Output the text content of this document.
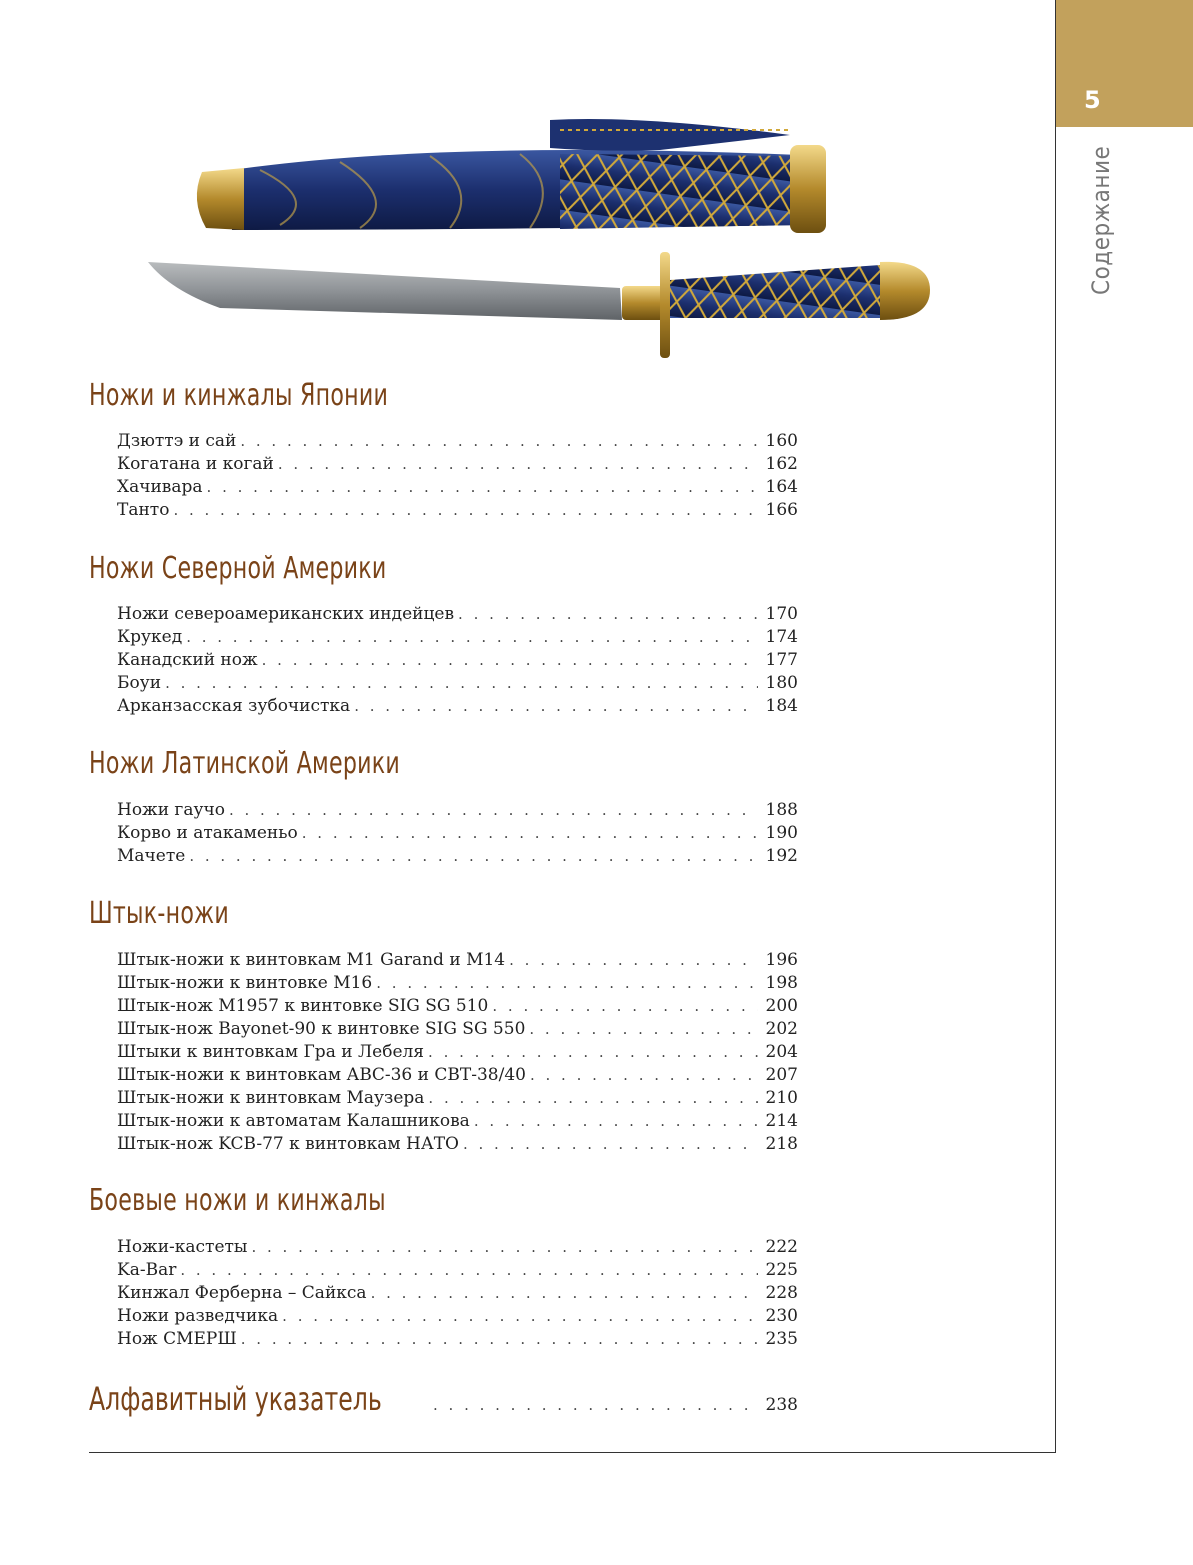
5
Содержание
Ножи и кинжалы Японии
Дзюттэ и сай . . .	160
Когатана и когай . . .	162
Хачивара . . .	164
Танто . . .	166
Ножи Северной Америки
Ножи североамериканских индейцев . . .	170
Крукед . . .	174
Канадский нож . . .	177
Боуи . . .	180
Арканзасская зубочистка . . .	184
Ножи Латинской Америки
Ножи гаучо . . .	188
Корво и атакаменьо . . .	190
Мачете . . .	192
Штык-ножи
Штык-ножи к винтовкам M1 Garand и M14 . . .	196
Штык-ножи к винтовке M16 . . .	198
Штык-нож M1957 к винтовке SIG SG 510 . . .	200
Штык-нож Bayonet-90 к винтовке SIG SG 550 . . .	202
Штыки к винтовкам Гра и Лебеля . . .	204
Штык-ножи к винтовкам АВС-36 и СВТ-38/40 . . .	207
Штык-ножи к винтовкам Маузера . . .	210
Штык-ножи к автоматам Калашникова . . .	214
Штык-нож KCB-77 к винтовкам НАТО . . .	218
Боевые ножи и кинжалы
Ножи-кастеты . . .	222
Ka-Bar . . .	225
Кинжал Ферберна – Сайкса . . .	228
Ножи разведчика . . .	230
Нож СМЕРШ . . .	235
Алфавитный указатель . . .	238
